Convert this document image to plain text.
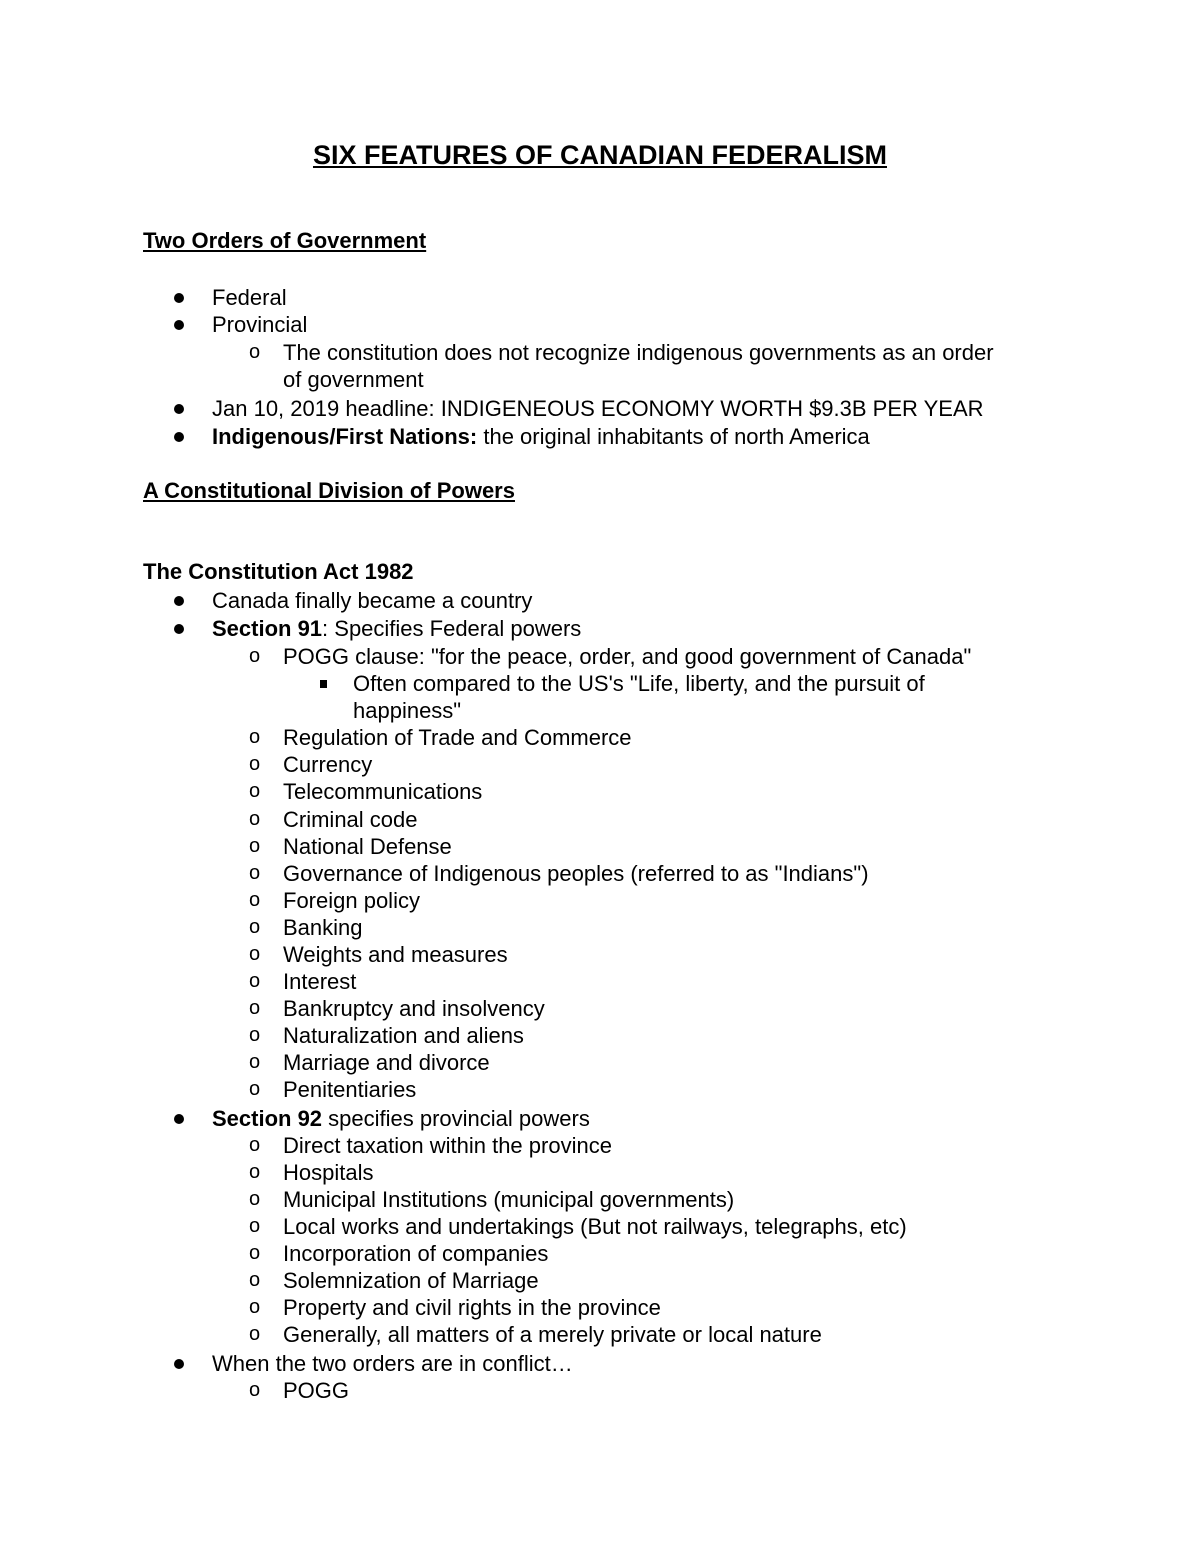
SIX FEATURES OF CANADIAN FEDERALISM
Two Orders of Government
Federal
Provincial
o The constitution does not recognize indigenous governments as an order
of government
Jan 10, 2019 headline: INDIGENEOUS ECONOMY WORTH $9.3B PER YEAR
Indigenous/First Nations: the original inhabitants of north America
A Constitutional Division of Powers
The Constitution Act 1982
Canada finally became a country
Section 91: Specifies Federal powers
o POGG clause: "for the peace, order, and good government of Canada"
Often compared to the US's "Life, liberty, and the pursuit of
happiness"
o Regulation of Trade and Commerce
o Currency
o Telecommunications
o Criminal code
o National Defense
o Governance of Indigenous peoples (referred to as "Indians")
o Foreign policy
o Banking
o Weights and measures
o Interest
o Bankruptcy and insolvency
o Naturalization and aliens
o Marriage and divorce
o Penitentiaries
Section 92 specifies provincial powers
o Direct taxation within the province
o Hospitals
o Municipal Institutions (municipal governments)
o Local works and undertakings (But not railways, telegraphs, etc)
o Incorporation of companies
o Solemnization of Marriage
o Property and civil rights in the province
o Generally, all matters of a merely private or local nature
When the two orders are in conflict…
o POGG
